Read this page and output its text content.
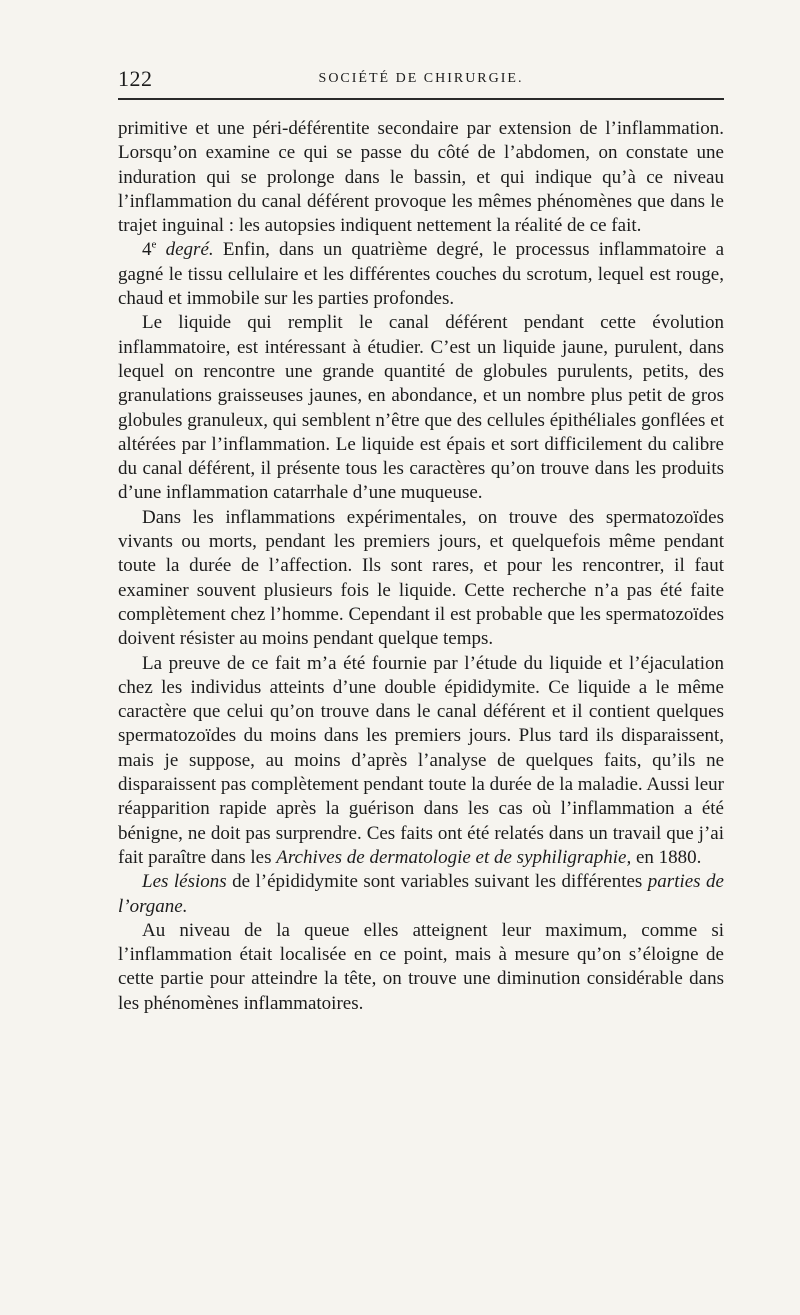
122	SOCIÉTÉ DE CHIRURGIE.

primitive et une péri-déférentite secondaire par extension de l’inflammation. Lorsqu’on examine ce qui se passe du côté de l’abdomen, on constate une induration qui se prolonge dans le bassin, et qui indique qu’à ce niveau l’inflammation du canal déférent provoque les mêmes phénomènes que dans le trajet inguinal : les autopsies indiquent nettement la réalité de ce fait.

4e degré. Enfin, dans un quatrième degré, le processus inflammatoire a gagné le tissu cellulaire et les différentes couches du scrotum, lequel est rouge, chaud et immobile sur les parties profondes.

Le liquide qui remplit le canal déférent pendant cette évolution inflammatoire, est intéressant à étudier. C’est un liquide jaune, purulent, dans lequel on rencontre une grande quantité de globules purulents, petits, des granulations graisseuses jaunes, en abondance, et un nombre plus petit de gros globules granuleux, qui semblent n’être que des cellules épithéliales gonflées et altérées par l’inflammation. Le liquide est épais et sort difficilement du calibre du canal déférent, il présente tous les caractères qu’on trouve dans les produits d’une inflammation catarrhale d’une muqueuse.

Dans les inflammations expérimentales, on trouve des spermatozoïdes vivants ou morts, pendant les premiers jours, et quelquefois même pendant toute la durée de l’affection. Ils sont rares, et pour les rencontrer, il faut examiner souvent plusieurs fois le liquide. Cette recherche n’a pas été faite complètement chez l’homme. Cependant il est probable que les spermatozoïdes doivent résister au moins pendant quelque temps.

La preuve de ce fait m’a été fournie par l’étude du liquide et l’éjaculation chez les individus atteints d’une double épididymite. Ce liquide a le même caractère que celui qu’on trouve dans le canal déférent et il contient quelques spermatozoïdes du moins dans les premiers jours. Plus tard ils disparaissent, mais je suppose, au moins d’après l’analyse de quelques faits, qu’ils ne disparaissent pas complètement pendant toute la durée de la maladie. Aussi leur réapparition rapide après la guérison dans les cas où l’inflammation a été bénigne, ne doit pas surprendre. Ces faits ont été relatés dans un travail que j’ai fait paraître dans les Archives de dermatologie et de syphiligraphie, en 1880.

Les lésions de l’épididymite sont variables suivant les différentes parties de l’organe.

Au niveau de la queue elles atteignent leur maximum, comme si l’inflammation était localisée en ce point, mais à mesure qu’on s’éloigne de cette partie pour atteindre la tête, on trouve une diminution considérable dans les phénomènes inflammatoires.
